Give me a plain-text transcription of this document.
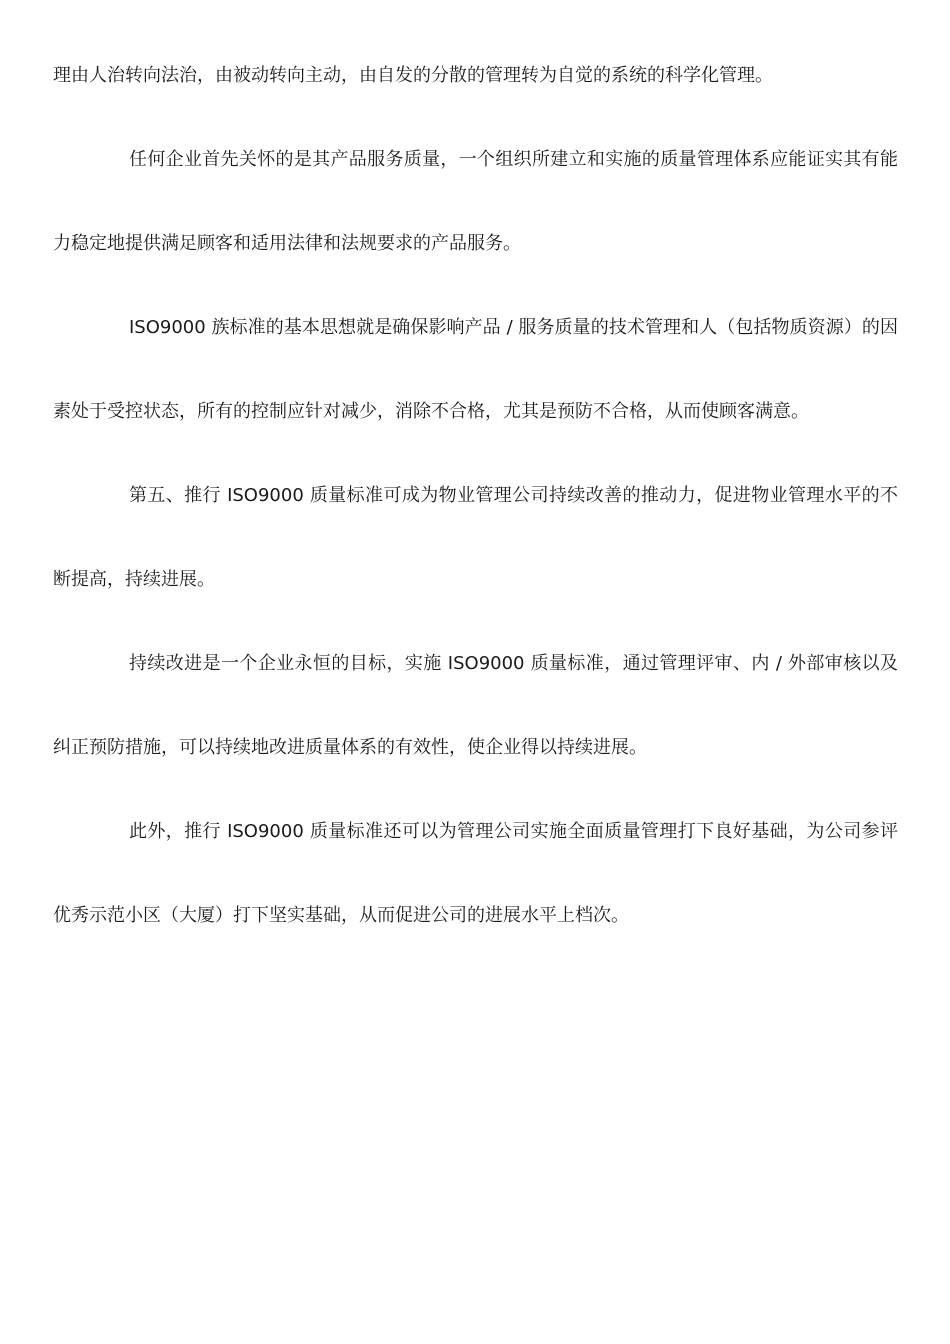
理由人治转向法治，由被动转向主动，由自发的分散的管理转为自觉的系统的科学化管理。

任何企业首先关怀的是其产品服务质量，一个组织所建立和实施的质量管理体系应能证实其有能力稳定地提供满足顾客和适用法律和法规要求的产品服务。

ISO9000 族标准的基本思想就是确保影响产品 / 服务质量的技术管理和人（包括物质资源）的因素处于受控状态，所有的控制应针对减少，消除不合格，尤其是预防不合格，从而使顾客满意。

第五、推行 ISO9000 质量标准可成为物业管理公司持续改善的推动力，促进物业管理水平的不断提高，持续进展。

持续改进是一个企业永恒的目标，实施 ISO9000 质量标准，通过管理评审、内 / 外部审核以及纠正预防措施，可以持续地改进质量体系的有效性，使企业得以持续进展。

此外，推行 ISO9000 质量标准还可以为管理公司实施全面质量管理打下良好基础，为公司参评优秀示范小区（大厦）打下坚实基础，从而促进公司的进展水平上档次。
